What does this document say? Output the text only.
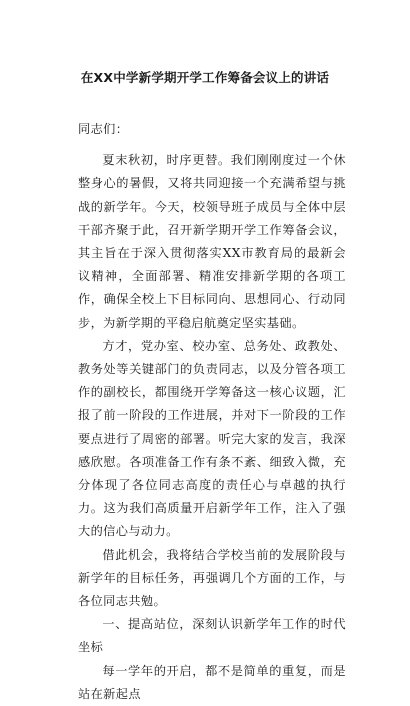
在XX中学新学期开学工作筹备会议上的讲话

同志们：

夏末秋初，时序更替。我们刚刚度过一个休整身心的暑假，又将共同迎接一个充满希望与挑战的新学年。今天，校领导班子成员与全体中层干部齐聚于此，召开新学期开学工作筹备会议，其主旨在于深入贯彻落实XX市教育局的最新会议精神，全面部署、精准安排新学期的各项工作，确保全校上下目标同向、思想同心、行动同步，为新学期的平稳启航奠定坚实基础。

方才，党办室、校办室、总务处、政教处、教务处等关键部门的负责同志，以及分管各项工作的副校长，都围绕开学筹备这一核心议题，汇报了前一阶段的工作进展，并对下一阶段的工作要点进行了周密的部署。听完大家的发言，我深感欣慰。各项准备工作有条不紊、细致入微，充分体现了各位同志高度的责任心与卓越的执行力。这为我们高质量开启新学年工作，注入了强大的信心与动力。

借此机会，我将结合学校当前的发展阶段与新学年的目标任务，再强调几个方面的工作，与各位同志共勉。

一、提高站位，深刻认识新学年工作的时代坐标

每一学年的开启，都不是简单的重复，而是站在新起点
